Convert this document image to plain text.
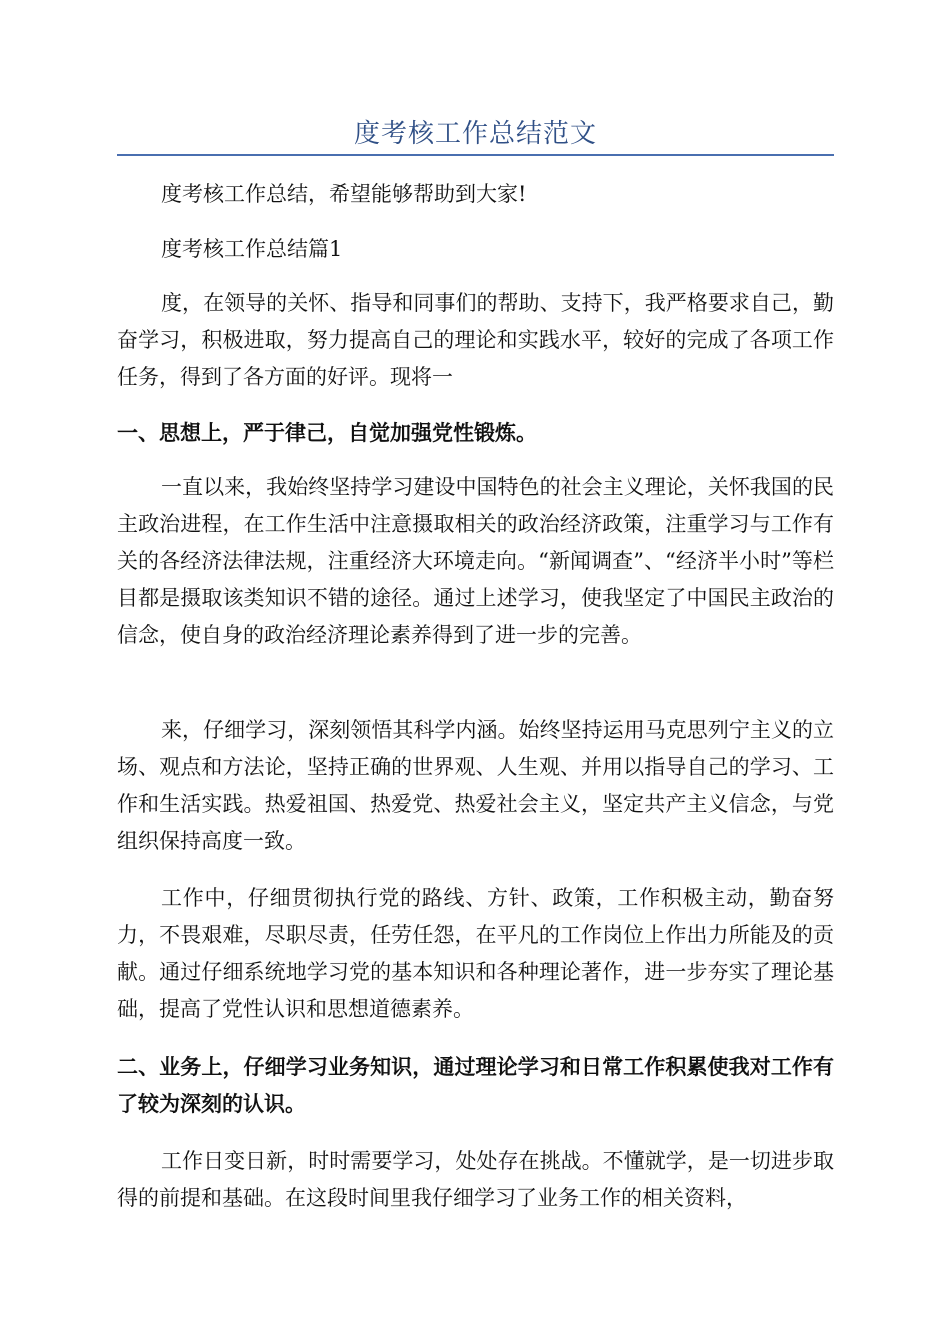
度考核工作总结范文

度考核工作总结，希望能够帮助到大家!

度考核工作总结篇1

度，在领导的关怀、指导和同事们的帮助、支持下，我严格要求自己，勤奋学习，积极进取，努力提高自己的理论和实践水平，较好的完成了各项工作任务，得到了各方面的好评。现将一

一、思想上，严于律己，自觉加强党性锻炼。

一直以来，我始终坚持学习建设中国特色的社会主义理论，关怀我国的民主政治进程，在工作生活中注意摄取相关的政治经济政策，注重学习与工作有关的各经济法律法规，注重经济大环境走向。“新闻调查”、“经济半小时”等栏目都是摄取该类知识不错的途径。通过上述学习，使我坚定了中国民主政治的信念，使自身的政治经济理论素养得到了进一步的完善。

来，仔细学习，深刻领悟其科学内涵。始终坚持运用马克思列宁主义的立场、观点和方法论，坚持正确的世界观、人生观、并用以指导自己的学习、工作和生活实践。热爱祖国、热爱党、热爱社会主义，坚定共产主义信念，与党组织保持高度一致。

工作中，仔细贯彻执行党的路线、方针、政策，工作积极主动，勤奋努力，不畏艰难，尽职尽责，任劳任怨，在平凡的工作岗位上作出力所能及的贡献。通过仔细系统地学习党的基本知识和各种理论著作，进一步夯实了理论基础，提高了党性认识和思想道德素养。

二、业务上，仔细学习业务知识，通过理论学习和日常工作积累使我对工作有了较为深刻的认识。

工作日变日新，时时需要学习，处处存在挑战。不懂就学，是一切进步取得的前提和基础。在这段时间里我仔细学习了业务工作的相关资料，
